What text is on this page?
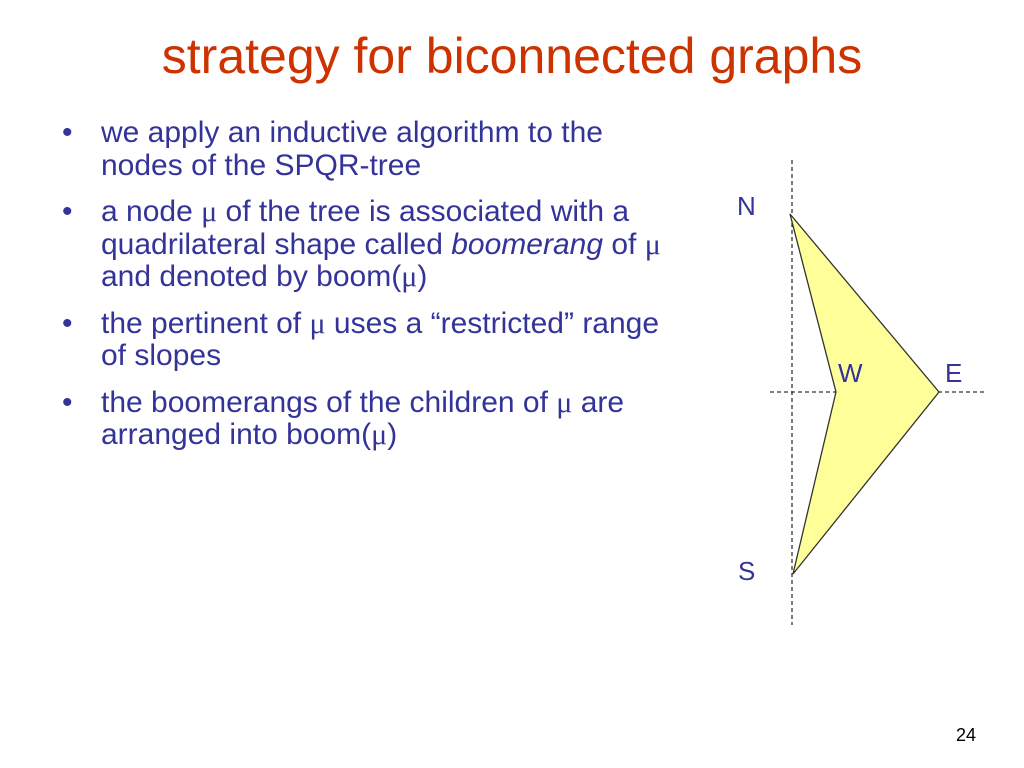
strategy for biconnected graphs
• we apply an inductive algorithm to the nodes of the SPQR-tree
• a node μ of the tree is associated with a quadrilateral shape called boomerang of μ and denoted by boom(μ)
• the pertinent of μ uses a “restricted” range of slopes
• the boomerangs of the children of μ are arranged into boom(μ)
N
W	E
S
24
